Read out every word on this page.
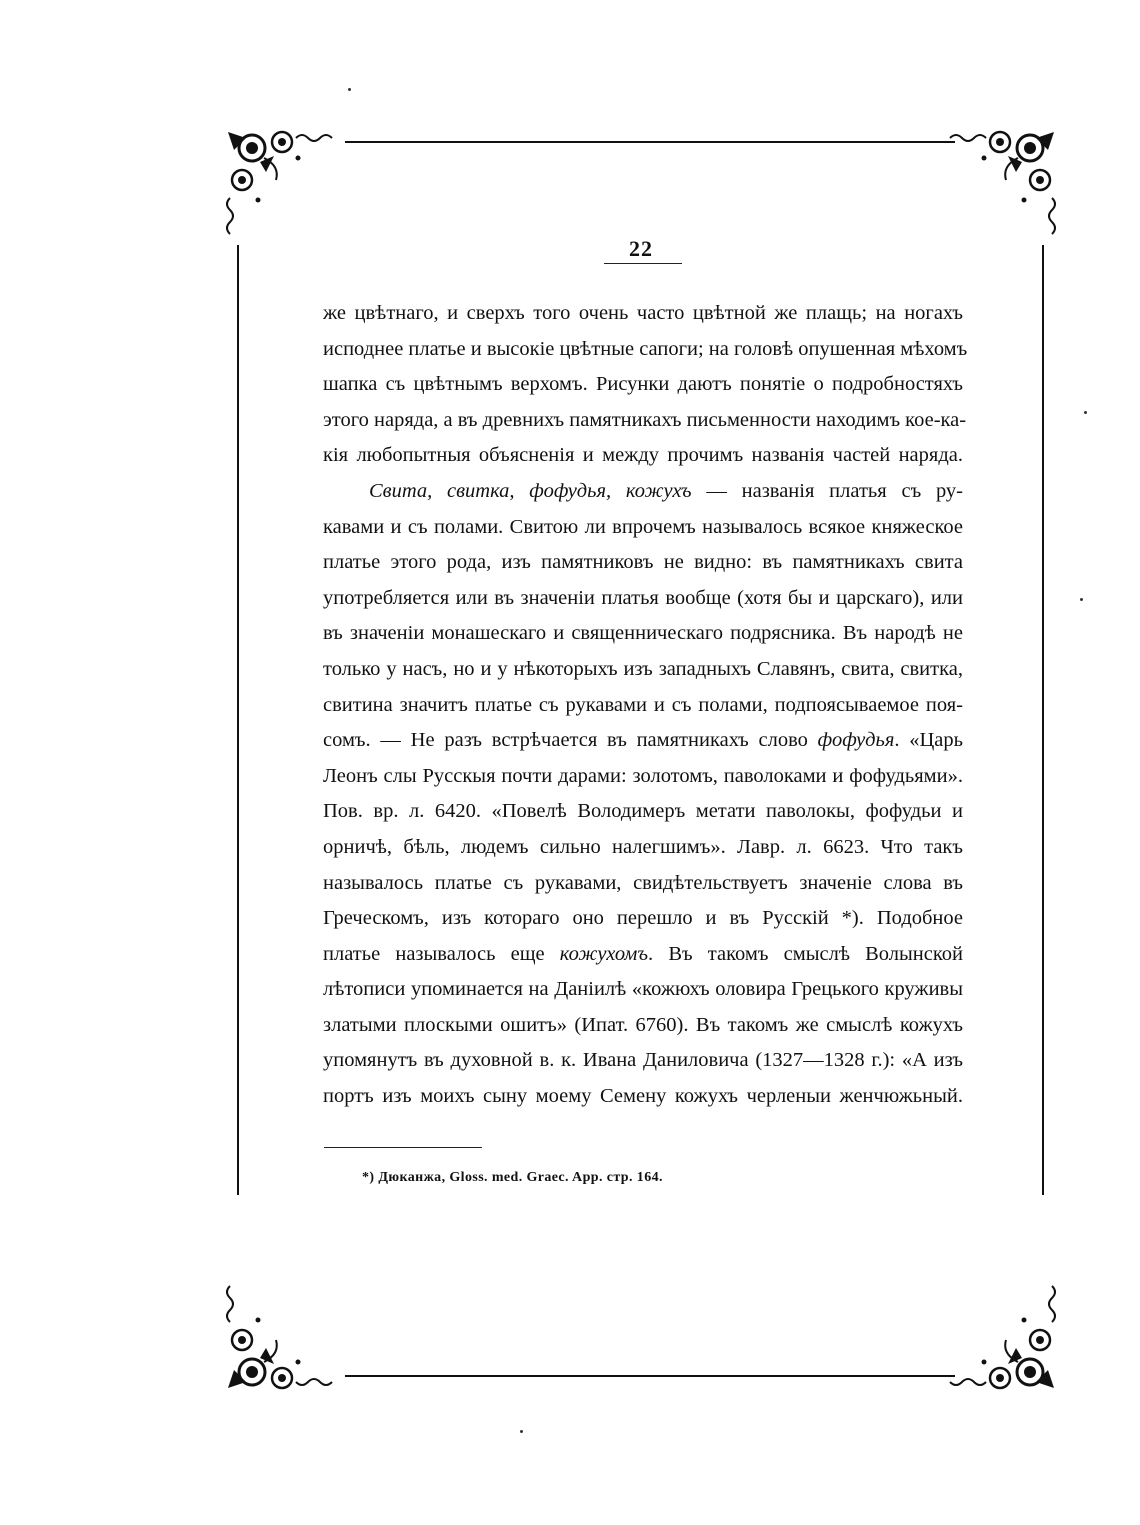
22
же цвѣтнаго, и сверхъ того очень часто цвѣтной же плащь; на ногахъ
исподнее платье и высокіе цвѣтные сапоги; на головѣ опушенная мѣхомъ
шапка съ цвѣтнымъ верхомъ. Рисунки даютъ понятіе о подробностяхъ
этого наряда, а въ древнихъ памятникахъ письменности находимъ кое-ка-
кія любопытныя объясненія и между прочимъ названія частей наряда.
Свита, свитка, фофудья, кожухъ — названія платья съ ру-
кавами и съ полами. Свитою ли впрочемъ называлось всякое княжеское
платье этого рода, изъ памятниковъ не видно: въ памятникахъ свита
употребляется или въ значеніи платья вообще (хотя бы и царскаго), или
въ значеніи монашескаго и священническаго подрясника. Въ народѣ не
только у насъ, но и у нѣкоторыхъ изъ западныхъ Славянъ, свита, свитка,
свитина значитъ платье съ рукавами и съ полами, подпоясываемое поя-
сомъ. — Не разъ встрѣчается въ памятникахъ слово фофудья. «Царь
Леонъ слы Русскыя почти дарами: золотомъ, паволоками и фофудьями».
Пов. вр. л. 6420. «Повелѣ Володимеръ метати паволокы, фофудьи и
орничѣ, бѣль, людемъ сильно налегшимъ». Лавр. л. 6623. Что такъ
называлось платье съ рукавами, свидѣтельствуетъ значеніе слова въ
Греческомъ, изъ котораго оно перешло и въ Русскій *). Подобное
платье называлось еще кожухомъ. Въ такомъ смыслѣ Волынской
лѣтописи упоминается на Даніилѣ «кожюхъ оловира Грецького круживы
златыми плоскыми ошитъ» (Ипат. 6760). Въ такомъ же смыслѣ кожухъ
упомянутъ въ духовной в. к. Ивана Даниловича (1327—1328 г.): «А изъ
портъ изъ моихъ сыну моему Семену кожухъ черленыи женчюжьный.
*) Дюканжа, Gloss. med. Graec. App. стр. 164.
